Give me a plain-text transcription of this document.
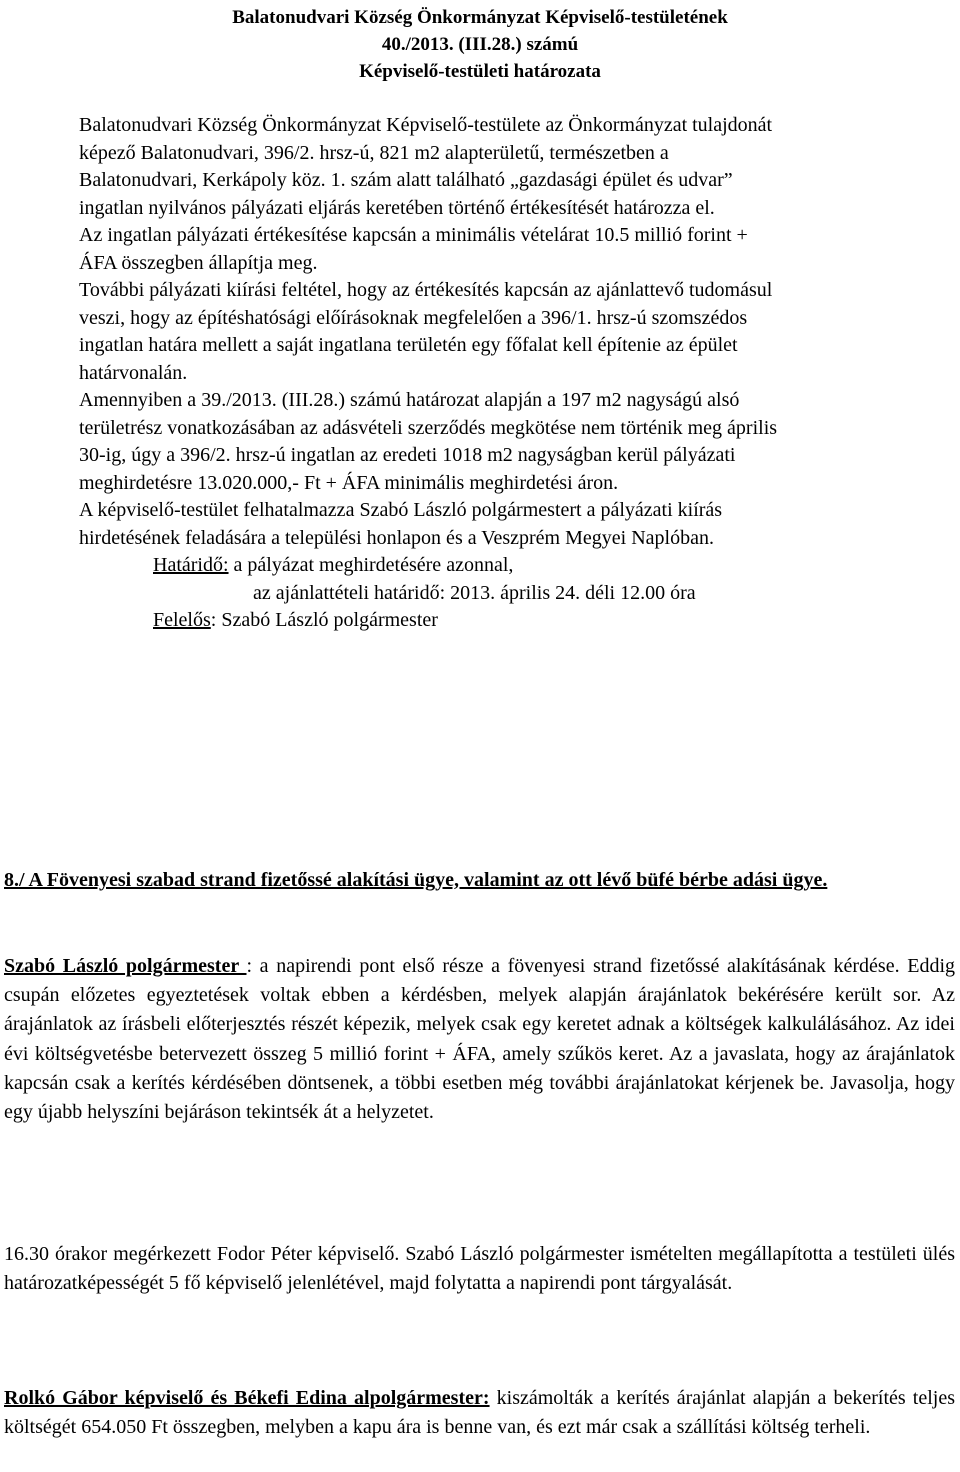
Balatonudvari Község Önkormányzat Képviselő-testületének
40./2013. (III.28.) számú
Képviselő-testületi határozata

Balatonudvari Község Önkormányzat Képviselő-testülete az Önkormányzat tulajdonát képező Balatonudvari, 396/2. hrsz-ú, 821 m2 alapterületű, természetben a Balatonudvari, Kerkápoly köz. 1. szám alatt található „gazdasági épület és udvar” ingatlan nyilvános pályázati eljárás keretében történő értékesítését határozza el.

Az ingatlan pályázati értékesítése kapcsán a minimális vételárat 10.5 millió forint + ÁFA összegben állapítja meg.

További pályázati kiírási feltétel, hogy az értékesítés kapcsán az ajánlattevő tudomásul veszi, hogy az építéshatósági előírásoknak megfelelően a 396/1. hrsz-ú szomszédos ingatlan határa mellett a saját ingatlana területén egy főfalat kell építenie az épület határvonalán.

Amennyiben a 39./2013. (III.28.) számú határozat alapján a 197 m2 nagyságú alsó területrész vonatkozásában az adásvételi szerződés megkötése nem történik meg április 30-ig, úgy a 396/2. hrsz-ú ingatlan az eredeti 1018 m2 nagyságban kerül pályázati meghirdetésre 13.020.000,- Ft + ÁFA minimális meghirdetési áron.

A képviselő-testület felhatalmazza Szabó László polgármestert a pályázati kiírás hirdetésének feladására a települési honlapon és a Veszprém Megyei Naplóban.

Határidő: a pályázat meghirdetésére azonnal,

az ajánlattételi határidő: 2013. április 24. déli 12.00 óra

Felelős: Szabó László polgármester

8./ A Fövenyesi szabad strand fizetőssé alakítási ügye, valamint az ott lévő büfé bérbe adási ügye.

Szabó László polgármester : a napirendi pont első része a fövenyesi strand fizetőssé alakításának kérdése. Eddig csupán előzetes egyeztetések voltak ebben a kérdésben, melyek alapján árajánlatok bekérésére került sor. Az árajánlatok az írásbeli előterjesztés részét képezik, melyek csak egy keretet adnak a költségek kalkulálásához. Az idei évi költségvetésbe betervezett összeg 5 millió forint + ÁFA, amely szűkös keret. Az a javaslata, hogy az árajánlatok kapcsán csak a kerítés kérdésében döntsenek, a többi esetben még további árajánlatokat kérjenek be. Javasolja, hogy egy újabb helyszíni bejáráson tekintsék át a helyzetet.

16.30 órakor megérkezett Fodor Péter képviselő. Szabó László polgármester ismételten megállapította a testületi ülés határozatképességét 5 fő képviselő jelenlétével, majd folytatta a napirendi pont tárgyalását.

Rolkó Gábor képviselő és Békefi Edina alpolgármester: kiszámolták a kerítés árajánlat alapján a bekerítés teljes költségét 654.050 Ft összegben, melyben a kapu ára is benne van, és ezt már csak a szállítási költség terheli.
